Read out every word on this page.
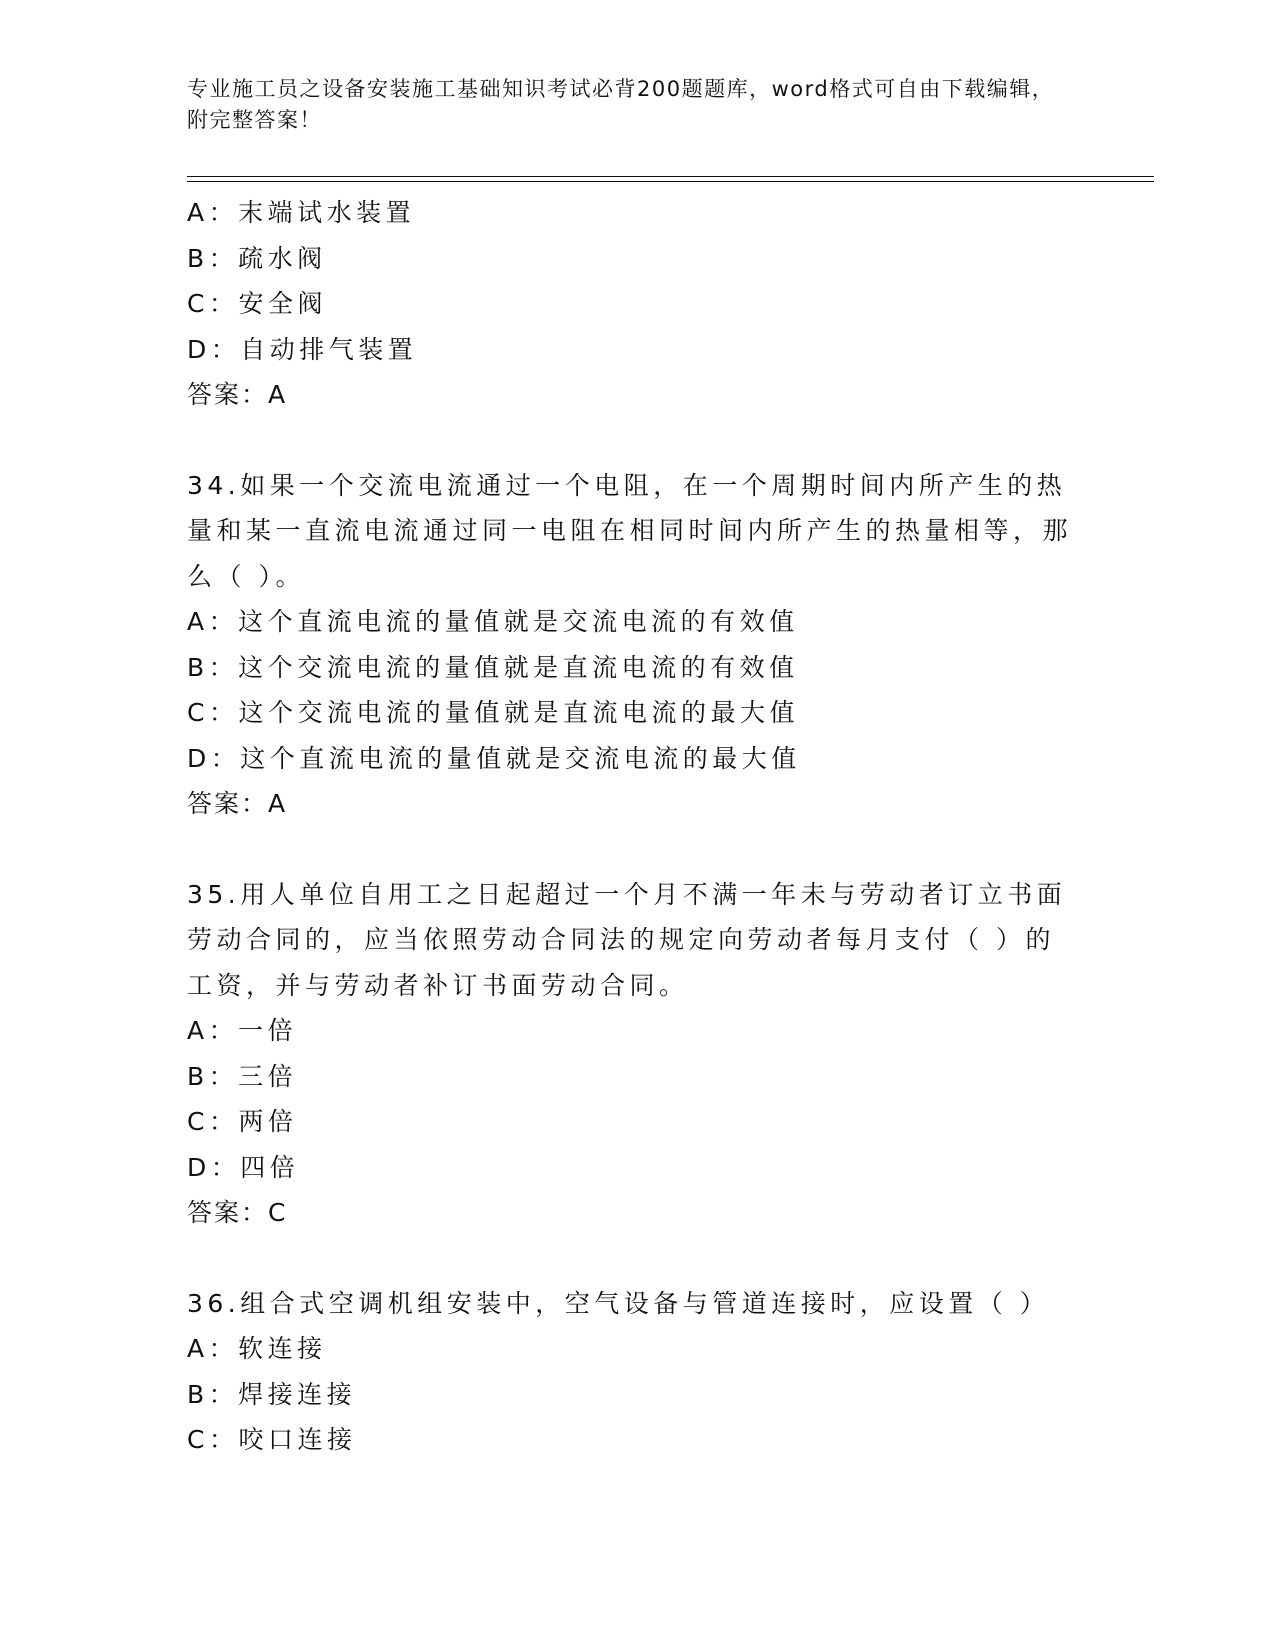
专业施工员之设备安装施工基础知识考试必背200题题库，word格式可自由下载编辑，附完整答案！
A：末端试水装置
B：疏水阀
C：安全阀
D：自动排气装置
答案：A
34.如果一个交流电流通过一个电阻，在一个周期时间内所产生的热量和某一直流电流通过同一电阻在相同时间内所产生的热量相等，那么（ ）。
A：这个直流电流的量值就是交流电流的有效值
B：这个交流电流的量值就是直流电流的有效值
C：这个交流电流的量值就是直流电流的最大值
D：这个直流电流的量值就是交流电流的最大值
答案：A
35.用人单位自用工之日起超过一个月不满一年未与劳动者订立书面劳动合同的，应当依照劳动合同法的规定向劳动者每月支付（ ）的工资，并与劳动者补订书面劳动合同。
A：一倍
B：三倍
C：两倍
D：四倍
答案：C
36.组合式空调机组安装中，空气设备与管道连接时，应设置（ ）
A：软连接
B：焊接连接
C：咬口连接
